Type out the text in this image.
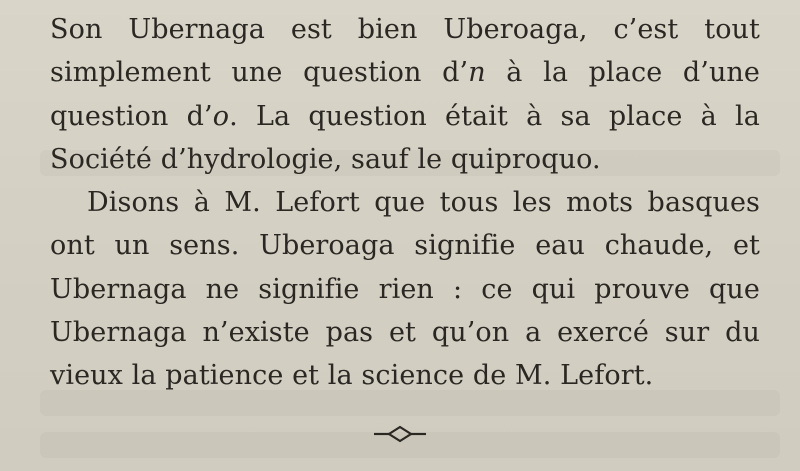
Son Ubernaga est bien Uberoaga, c’est tout
simplement une question d’n à la place d’une
question d’o. La question était à sa place à la
Société d’hydrologie, sauf le quiproquo.
Disons à M. Lefort que tous les mots basques
ont un sens. Uberoaga signifie eau chaude, et
Ubernaga ne signifie rien : ce qui prouve que
Ubernaga n’existe pas et qu’on a exercé sur du
vieux la patience et la science de M. Lefort.
